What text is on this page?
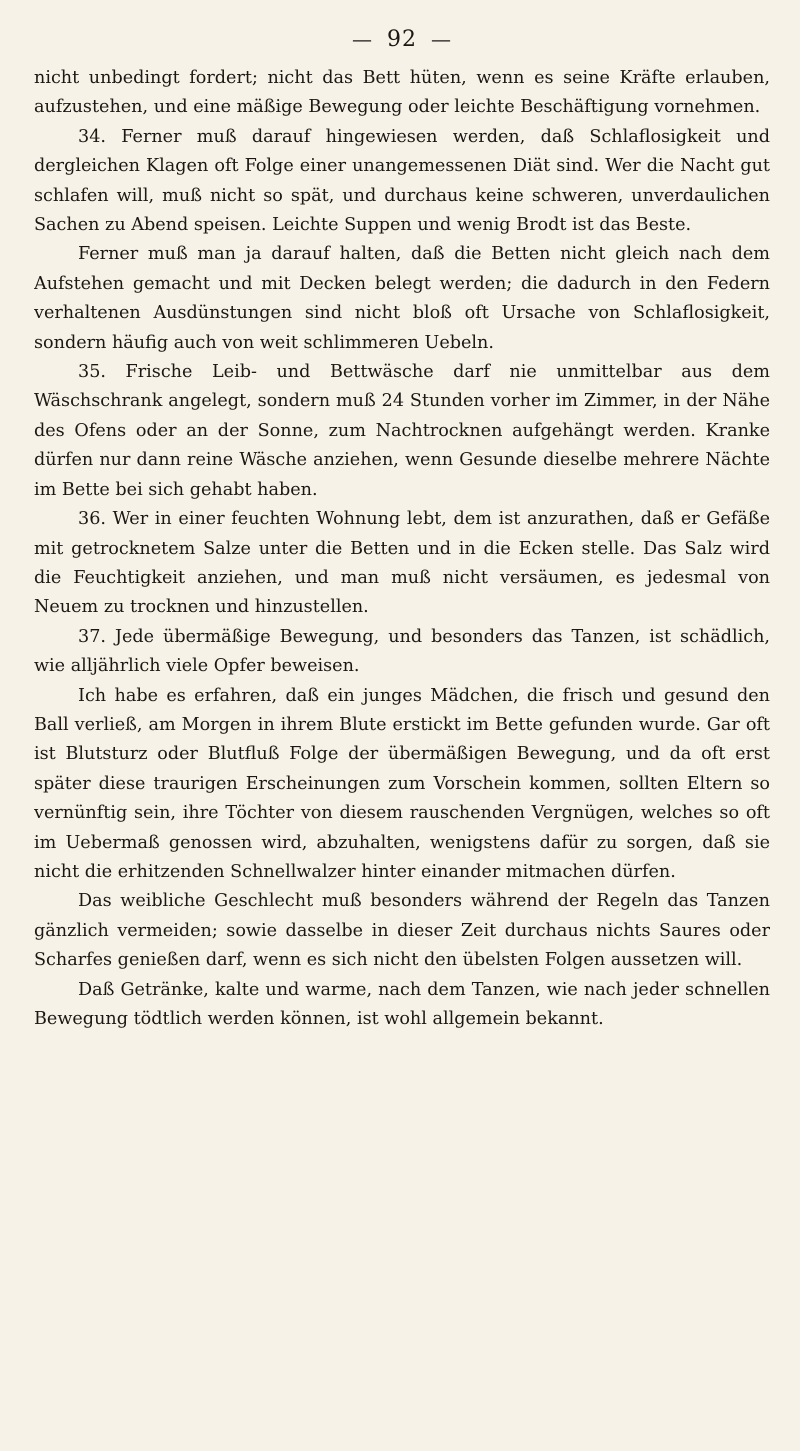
— 92 —

nicht unbedingt fordert; nicht das Bett hüten, wenn es seine Kräfte erlauben, aufzustehen, und eine mäßige Bewegung oder leichte Beschäftigung vornehmen.

34. Ferner muß darauf hingewiesen werden, daß Schlaflosigkeit und dergleichen Klagen oft Folge einer unangemessenen Diät sind. Wer die Nacht gut schlafen will, muß nicht so spät, und durchaus keine schweren, unverdaulichen Sachen zu Abend speisen. Leichte Suppen und wenig Brodt ist das Beste.

Ferner muß man ja darauf halten, daß die Betten nicht gleich nach dem Aufstehen gemacht und mit Decken belegt werden; die dadurch in den Federn verhaltenen Ausdünstungen sind nicht bloß oft Ursache von Schlaflosigkeit, sondern häufig auch von weit schlimmeren Uebeln.

35. Frische Leib- und Bettwäsche darf nie unmittelbar aus dem Wäschschrank angelegt, sondern muß 24 Stunden vorher im Zimmer, in der Nähe des Ofens oder an der Sonne, zum Nachtrocknen aufgehängt werden. Kranke dürfen nur dann reine Wäsche anziehen, wenn Gesunde dieselbe mehrere Nächte im Bette bei sich gehabt haben.

36. Wer in einer feuchten Wohnung lebt, dem ist anzurathen, daß er Gefäße mit getrocknetem Salze unter die Betten und in die Ecken stelle. Das Salz wird die Feuchtigkeit anziehen, und man muß nicht versäumen, es jedesmal von Neuem zu trocknen und hinzustellen.

37. Jede übermäßige Bewegung, und besonders das Tanzen, ist schädlich, wie alljährlich viele Opfer beweisen.

Ich habe es erfahren, daß ein junges Mädchen, die frisch und gesund den Ball verließ, am Morgen in ihrem Blute erstickt im Bette gefunden wurde. Gar oft ist Blutsturz oder Blutfluß Folge der übermäßigen Bewegung, und da oft erst später diese traurigen Erscheinungen zum Vorschein kommen, sollten Eltern so vernünftig sein, ihre Töchter von diesem rauschenden Vergnügen, welches so oft im Uebermaß genossen wird, abzuhalten, wenigstens dafür zu sorgen, daß sie nicht die erhitzenden Schnellwalzer hinter einander mitmachen dürfen.

Das weibliche Geschlecht muß besonders während der Regeln das Tanzen gänzlich vermeiden; sowie dasselbe in dieser Zeit durchaus nichts Saures oder Scharfes genießen darf, wenn es sich nicht den übelsten Folgen aussetzen will.

Daß Getränke, kalte und warme, nach dem Tanzen, wie nach jeder schnellen Bewegung tödtlich werden können, ist wohl allgemein bekannt.
